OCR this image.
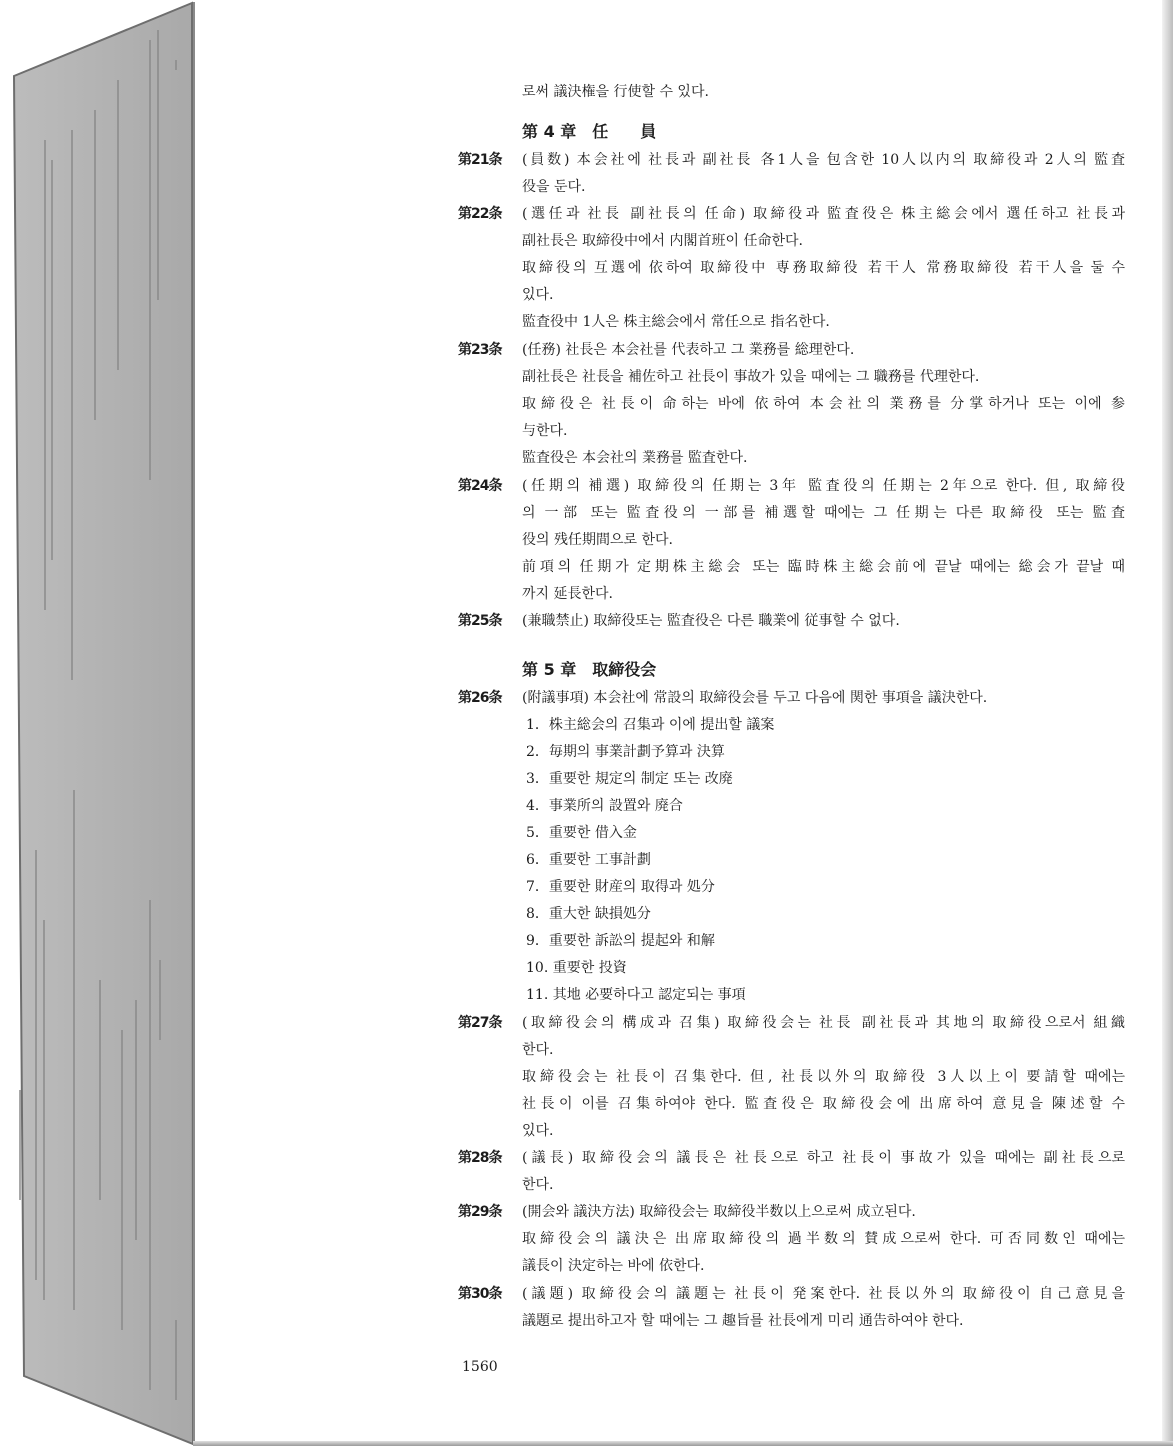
로써 議決権을 行使할 수 있다.
第 4 章　任　　員
第21条	(員数) 本会社에 社長과 副社長 各1人을 包含한 10人以内의 取締役과 2人의 監査
役을 둔다.
第22条	(選任과 社長 副社長의 任命) 取締役과 監査役은 株主総会에서 選任하고 社長과
副社長은 取締役中에서 内閣首班이 任命한다.
取締役의 互選에 依하여 取締役中 専務取締役 若干人 常務取締役 若干人을 둘 수
있다.
監査役中 1人은 株主総会에서 常任으로 指名한다.
第23条	(任務) 社長은 本会社를 代表하고 그 業務를 総理한다.
副社長은 社長을 補佐하고 社長이 事故가 있을 때에는 그 職務를 代理한다.
取締役은 社長이 命하는 바에 依하여 本会社의 業務를 分掌하거나 또는 이에 参
与한다.
監査役은 本会社의 業務를 監査한다.
第24条	(任期의 補選) 取締役의 任期는 3年 監査役의 任期는 2年으로 한다. 但, 取締役
의 一部 또는 監査役의 一部를 補選할 때에는 그 任期는 다른 取締役 또는 監査
役의 残任期間으로 한다.
前項의 任期가 定期株主総会 또는 臨時株主総会前에 끝날 때에는 総会가 끝날 때
까지 延長한다.
第25条	(兼職禁止) 取締役또는 監査役은 다른 職業에 従事할 수 없다.
第 5 章　取締役会
第26条	(附議事項) 本会社에 常設의 取締役会를 두고 다음에 関한 事項을 議決한다.
1．株主総会의 召集과 이에 提出할 議案
2．毎期의 事業計劃予算과 決算
3．重要한 規定의 制定 또는 改廃
4．事業所의 設置와 廃合
5．重要한 借入金
6．重要한 工事計劃
7．重要한 財産의 取得과 処分
8．重大한 缺損処分
9．重要한 訴訟의 提起와 和解
10. 重要한 投資
11. 其地 必要하다고 認定되는 事項
第27条	(取締役会의 構成과 召集) 取締役会는 社長 副社長과 其地의 取締役으로서 組織
한다.
取締役会는 社長이 召集한다. 但, 社長以外의 取締役 3人以上이 要請할 때에는
社長이 이를 召集하여야 한다. 監査役은 取締役会에 出席하여 意見을 陳述할 수
있다.
第28条	(議長) 取締役会의 議長은 社長으로 하고 社長이 事故가 있을 때에는 副社長으로
한다.
第29条	(開会와 議決方法) 取締役会는 取締役半数以上으로써 成立된다.
取締役会의 議決은 出席取締役의 過半数의 賛成으로써 한다. 可否同数인 때에는
議長이 決定하는 바에 依한다.
第30条	(議題) 取締役会의 議題는 社長이 発案한다. 社長以外의 取締役이 自己意見을
議題로 提出하고자 할 때에는 그 趣旨를 社長에게 미리 通告하여야 한다.
1560
